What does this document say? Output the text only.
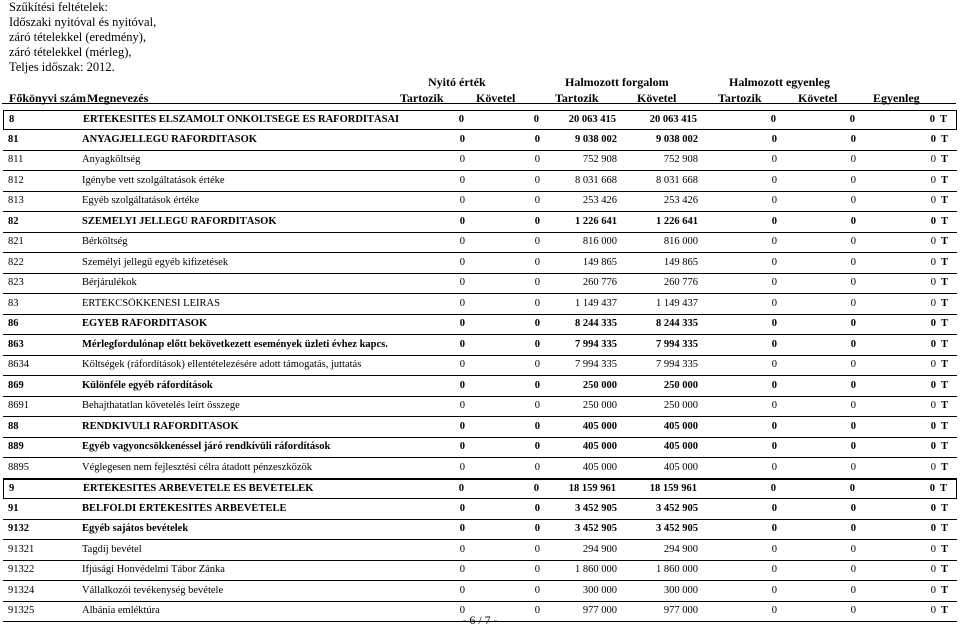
Szűkítési feltételek:
Időszaki nyitóval és nyitóval,
záró tételekkel (eredmény),
záró tételekkel (mérleg),
Teljes időszak: 2012.
Nyitó érték	Halmozott forgalom	Halmozott egyenleg
Főkönyvi szám Megnevezés	Tartozik	Követel	Tartozik	Követel	Tartozik	Követel	Egyenleg
8	ÉRTÉKESÍTÉS ELSZÁMOLT ÖNKÖLTSÉGE ÉS RÁFORDÍTÁSAI	0	0	20 063 415	20 063 415	0	0	0 T
81	ANYAGJELLEGŰ RÁFORDÍTÁSOK	0	0	9 038 002	9 038 002	0	0	0 T
811	Anyagköltség	0	0	752 908	752 908	0	0	0 T
812	Igénybe vett szolgáltatások értéke	0	0	8 031 668	8 031 668	0	0	0 T
813	Egyéb szolgáltatások értéke	0	0	253 426	253 426	0	0	0 T
82	SZEMÉLYI JELLEGŰ RÁFORDÍTÁSOK	0	0	1 226 641	1 226 641	0	0	0 T
821	Bérköltség	0	0	816 000	816 000	0	0	0 T
822	Személyi jellegű egyéb kifizetések	0	0	149 865	149 865	0	0	0 T
823	Bérjárulékok	0	0	260 776	260 776	0	0	0 T
83	ÉRTÉKCSÖKKENÉSI LEÍRÁS	0	0	1 149 437	1 149 437	0	0	0 T
86	EGYÉB RÁFORDÍTÁSOK	0	0	8 244 335	8 244 335	0	0	0 T
863	Mérlegfordulónap előtt bekövetkezett események üzleti évhez kapcs.	0	0	7 994 335	7 994 335	0	0	0 T
8634	Költségek (ráfordítások) ellentételezésére adott támogatás, juttatás	0	0	7 994 335	7 994 335	0	0	0 T
869	Különféle egyéb ráfordítások	0	0	250 000	250 000	0	0	0 T
8691	Behajthatatlan követelés leírt összege	0	0	250 000	250 000	0	0	0 T
88	RENDKÍVÜLI RÁFORDÍTÁSOK	0	0	405 000	405 000	0	0	0 T
889	Egyéb vagyoncsökkenéssel járó rendkívüli ráfordítások	0	0	405 000	405 000	0	0	0 T
8895	Véglegesen nem fejlesztési célra átadott pénzeszközök	0	0	405 000	405 000	0	0	0 T
9	ÉRTÉKESÍTÉS ÁRBEVÉTELE ÉS BEVÉTELEK	0	0	18 159 961	18 159 961	0	0	0 T
91	BELFÖLDI ÉRTÉKESÍTÉS ÁRBEVÉTELE	0	0	3 452 905	3 452 905	0	0	0 T
9132	Egyéb sajátos bevételek	0	0	3 452 905	3 452 905	0	0	0 T
91321	Tagdíj bevétel	0	0	294 900	294 900	0	0	0 T
91322	Ifjúsági Honvédelmi Tábor Zánka	0	0	1 860 000	1 860 000	0	0	0 T
91324	Vállalkozói tevékenység bevétele	0	0	300 000	300 000	0	0	0 T
91325	Albánia emléktúra	0	0	977 000	977 000	0	0	0 T
- 6 / 7 -
